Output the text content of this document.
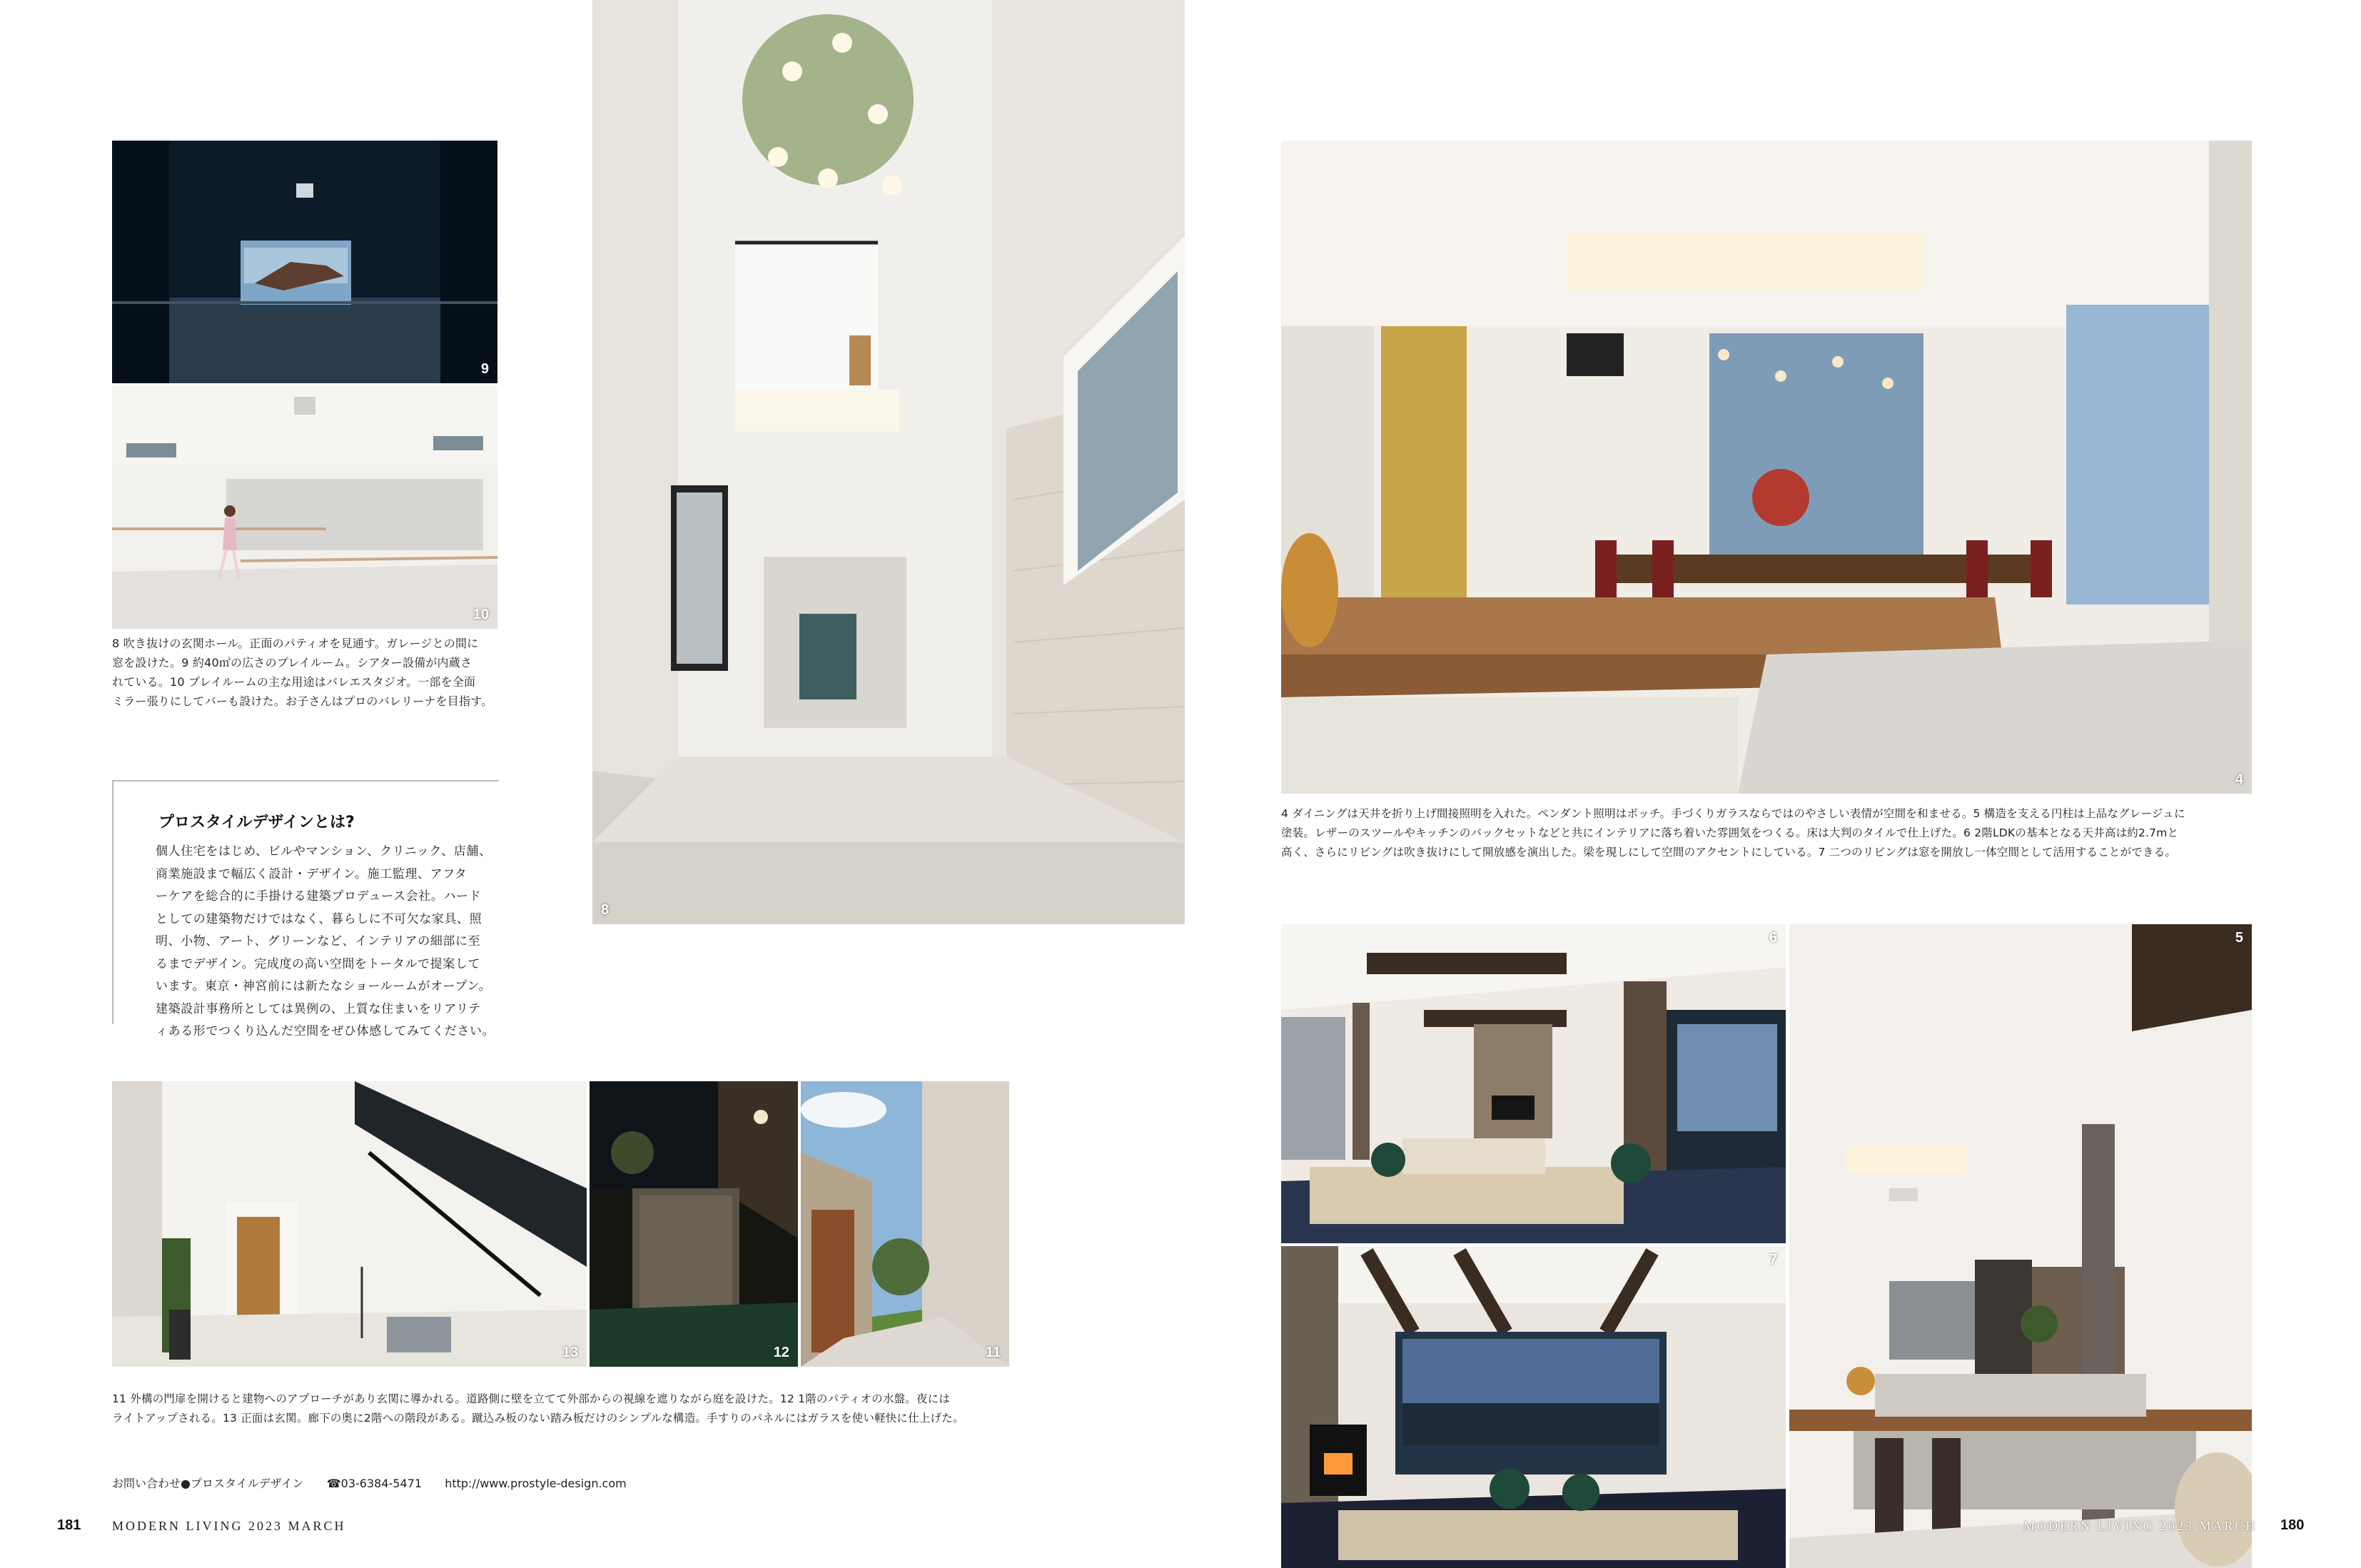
9
10
8 吹き抜けの玄関ホール。正面のパティオを見通す。ガレージとの間に
窓を設けた。9 約40㎡の広さのプレイルーム。シアター設備が内蔵さ
れている。10 プレイルームの主な用途はバレエスタジオ。一部を全面
ミラー張りにしてバーも設けた。お子さんはプロのバレリーナを目指す。
8
プロスタイルデザインとは?
個人住宅をはじめ、ビルやマンション、クリニック、店舗、
商業施設まで幅広く設計・デザイン。施工監理、アフタ
ーケアを総合的に手掛ける建築プロデュース会社。ハード
としての建築物だけではなく、暮らしに不可欠な家具、照
明、小物、アート、グリーンなど、インテリアの細部に至
るまでデザイン。完成度の高い空間をトータルで提案して
います。東京・神宮前には新たなショールームがオープン。
建築設計事務所としては異例の、上質な住まいをリアリテ
ィある形でつくり込んだ空間をぜひ体感してみてください。
13	12	11
11 外構の門扉を開けると建物へのアプローチがあり玄関に導かれる。道路側に壁を立てて外部からの視線を遮りながら庭を設けた。12 1階のパティオの水盤。夜には
ライトアップされる。13 正面は玄関。廊下の奥に2階への階段がある。蹴込み板のない踏み板だけのシンプルな構造。手すりのパネルにはガラスを使い軽快に仕上げた。
お問い合わせ●プロスタイルデザイン ☎03-6384-5471 http://www.prostyle-design.com
181 MODERN LIVING 2023 MARCH
4
4 ダイニングは天井を折り上げ間接照明を入れた。ペンダント照明はボッチ。手づくりガラスならではのやさしい表情が空間を和ませる。5 構造を支える円柱は上品なグレージュに
塗装。レザーのスツールやキッチンのバックセットなどと共にインテリアに落ち着いた雰囲気をつくる。床は大判のタイルで仕上げた。6 2階LDKの基本となる天井高は約2.7mと
高く、さらにリビングは吹き抜けにして開放感を演出した。梁を現しにして空間のアクセントにしている。7 二つのリビングは窓を開放し一体空間として活用することができる。
6
7
5
MODERN LIVING 2023 MARCH 180
